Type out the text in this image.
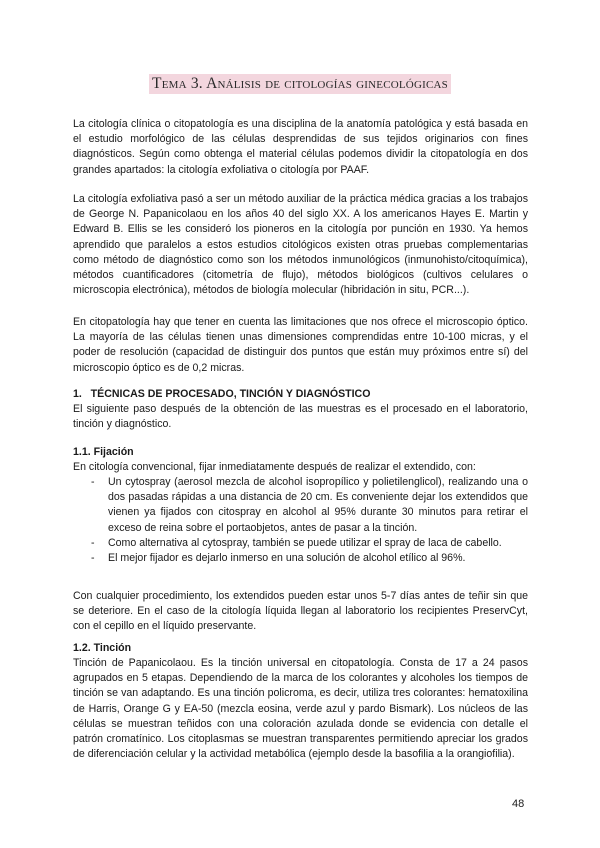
Tema 3. Análisis de citologías ginecológicas
La citología clínica o citopatología es una disciplina de la anatomía patológica y está basada en el estudio morfológico de las células desprendidas de sus tejidos originarios con fines diagnósticos. Según como obtenga el material células podemos dividir la citopatología en dos grandes apartados: la citología exfoliativa o citología por PAAF.
La citología exfoliativa pasó a ser un método auxiliar de la práctica médica gracias a los trabajos de George N. Papanicolaou en los años 40 del siglo XX. A los americanos Hayes E. Martin y Edward B. Ellis se les consideró los pioneros en la citología por punción en 1930. Ya hemos aprendido que paralelos a estos estudios citológicos existen otras pruebas complementarias como método de diagnóstico como son los métodos inmunológicos (inmunohisto/citoquímica), métodos cuantificadores (citometría de flujo), métodos biológicos (cultivos celulares o microscopia electrónica), métodos de biología molecular (hibridación in situ, PCR...).
En citopatología hay que tener en cuenta las limitaciones que nos ofrece el microscopio óptico. La mayoría de las células tienen unas dimensiones comprendidas entre 10-100 micras, y el poder de resolución (capacidad de distinguir dos puntos que están muy próximos entre sí) del microscopio óptico es de 0,2 micras.
1.   TÉCNICAS DE PROCESADO, TINCIÓN Y DIAGNÓSTICO
El siguiente paso después de la obtención de las muestras es el procesado en el laboratorio, tinción y diagnóstico.
1.1. Fijación
En citología convencional, fijar inmediatamente después de realizar el extendido, con:
- Un cytospray (aerosol mezcla de alcohol isopropílico y polietilenglicol), realizando una o dos pasadas rápidas a una distancia de 20 cm. Es conveniente dejar los extendidos que vienen ya fijados con citospray en alcohol al 95% durante 30 minutos para retirar el exceso de reina sobre el portaobjetos, antes de pasar a la tinción.
- Como alternativa al cytospray, también se puede utilizar el spray de laca de cabello.
- El mejor fijador es dejarlo inmerso en una solución de alcohol etílico al 96%.
Con cualquier procedimiento, los extendidos pueden estar unos 5-7 días antes de teñir sin que se deteriore. En el caso de la citología líquida llegan al laboratorio los recipientes PreservCyt, con el cepillo en el líquido preservante.
1.2. Tinción
Tinción de Papanicolaou. Es la tinción universal en citopatología. Consta de 17 a 24 pasos agrupados en 5 etapas. Dependiendo de la marca de los colorantes y alcoholes los tiempos de tinción se van adaptando. Es una tinción policroma, es decir, utiliza tres colorantes: hematoxilina de Harris, Orange G y EA-50 (mezcla eosina, verde azul y pardo Bismark). Los núcleos de las células se muestran teñidos con una coloración azulada donde se evidencia con detalle el patrón cromatínico. Los citoplasmas se muestran transparentes permitiendo apreciar los grados de diferenciación celular y la actividad metabólica (ejemplo desde la basofilia a la orangiofilia).
48
